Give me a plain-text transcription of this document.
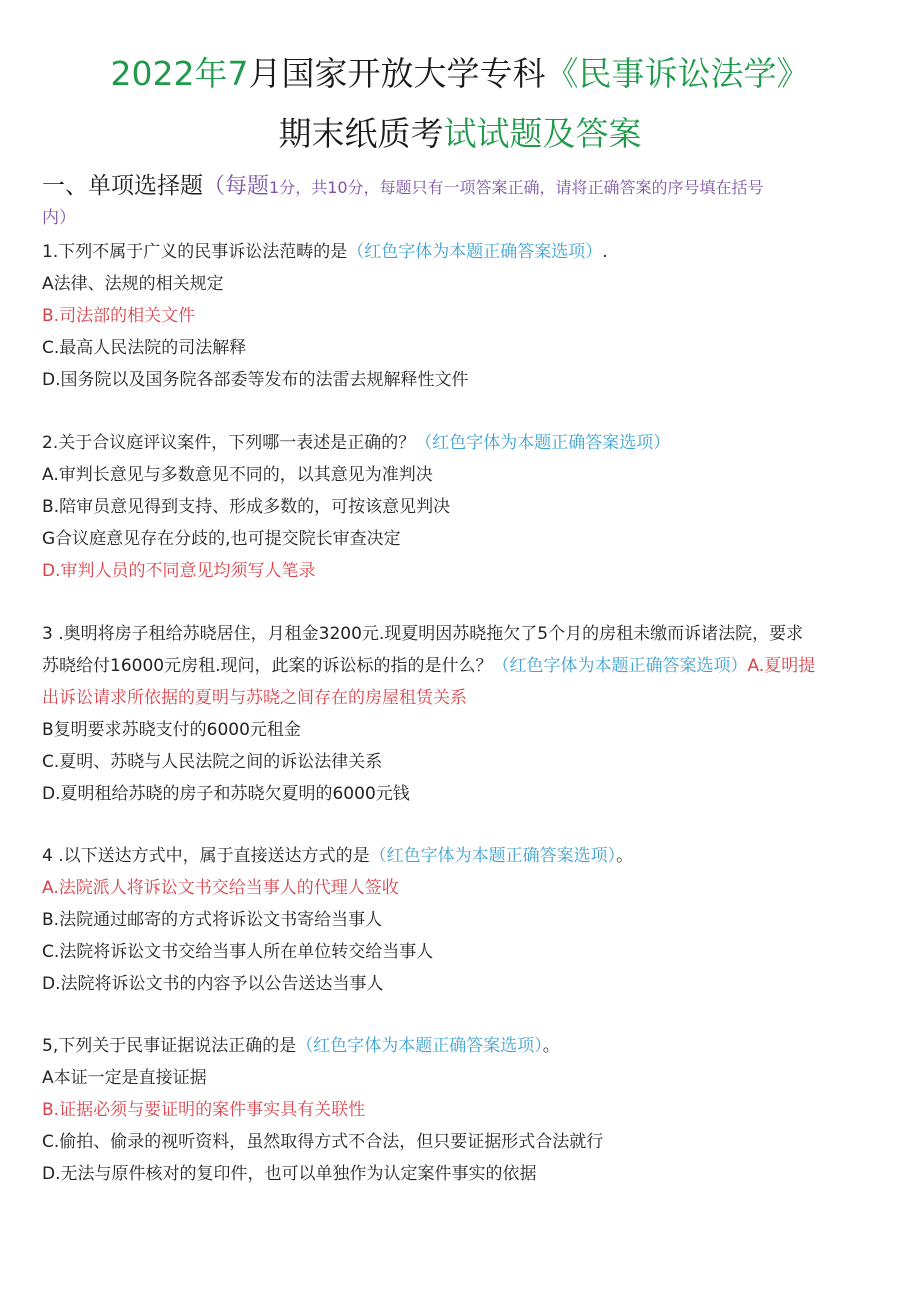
2022年7月国家开放大学专科《民事诉讼法学》
期末纸质考试试题及答案
一、单项选择题（每题1分，共10分，每题只有一项答案正确，请将正确答案的序号填在括号
内）
1.下列不属于广义的民事诉讼法范畴的是（红色字体为本题正确答案选项）.
A法律、法规的相关规定
B.司法部的相关文件
C.最高人民法院的司法解释
D.国务院以及国务院各部委等发布的法雷去规解释性文件
2.关于合议庭评议案件，下列哪一表述是正确的？（红色字体为本题正确答案选项）
A.审判长意见与多数意见不同的，以其意见为准判决
B.陪审员意见得到支持、形成多数的，可按该意见判决
G合议庭意见存在分歧的,也可提交院长审查决定
D.审判人员的不同意见均须写人笔录
3 .奥明将房子租给苏晓居住，月租金3200元.现夏明因苏晓拖欠了5个月的房租未缴而诉诸法院，要求
苏晓给付16000元房租.现问，此案的诉讼标的指的是什么？（红色字体为本题正确答案选项）A.夏明提
出诉讼请求所依据的夏明与苏晓之间存在的房屋租赁关系
B复明要求苏晓支付的6000元租金
C.夏明、苏晓与人民法院之间的诉讼法律关系
D.夏明租给苏晓的房子和苏晓欠夏明的6000元钱
4 .以下送达方式中，属于直接送达方式的是（红色字体为本题正确答案选项）。
A.法院派人将诉讼文书交给当事人的代理人签收
B.法院通过邮寄的方式将诉讼文书寄给当事人
C.法院将诉讼文书交给当事人所在单位转交给当事人
D.法院将诉讼文书的内容予以公告送达当事人
5,下列关于民事证据说法正确的是（红色字体为本题正确答案选项）。
A本证一定是直接证据
B.证据必须与要证明的案件事实具有关联性
C.偷拍、偷录的视听资料，虽然取得方式不合法，但只要证据形式合法就行
D.无法与原件核对的复印件，也可以单独作为认定案件事实的依据
